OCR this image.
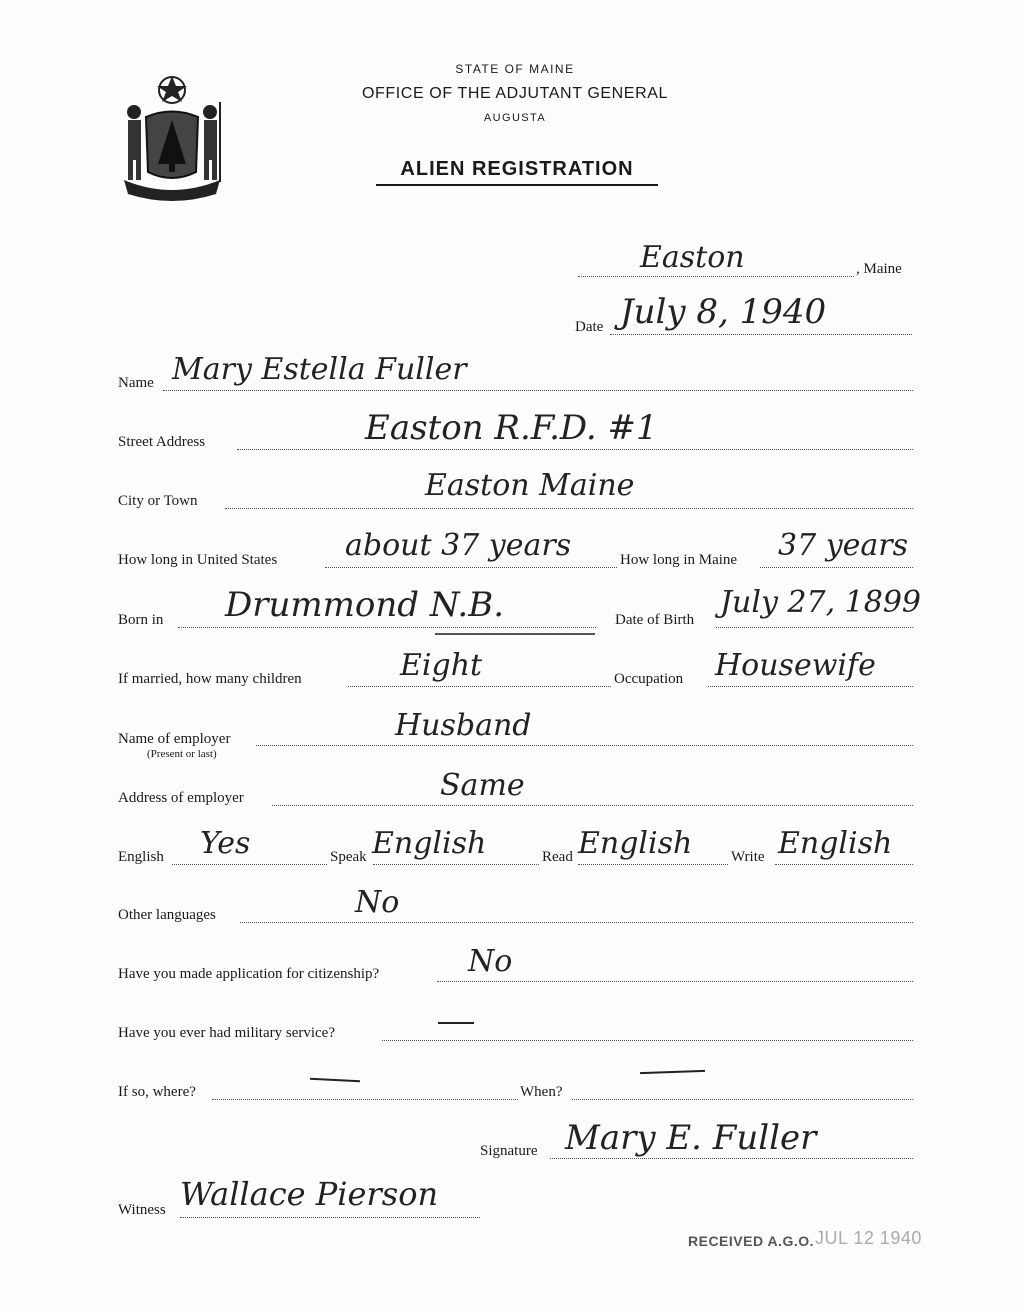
MAINE
STATE OF MAINE
OFFICE OF THE ADJUTANT GENERAL
AUGUSTA
ALIEN REGISTRATION
Easton	, Maine
Date July 8, 1940
Name Mary Estella Fuller
Street Address	Easton R.F.D. #1
City or Town	Easton Maine
How long in United States about 37 years	How long in Maine 37 years
Born in Drummond N.B.	Date of Birth July 27, 1899
If married, how many children	Eight	Occupation Housewife
Name of employer
(Present or last)
Husband
Address of employer	Same
English Yes	Speak English	Read English	Write English
Other languages	No
Have you made application for citizenship?	No
Have you ever had military service?
If so, where?	When?
Signature Mary E. Fuller
Witness Wallace Pierson
RECEIVED A.G.O. JUL 12 1940
